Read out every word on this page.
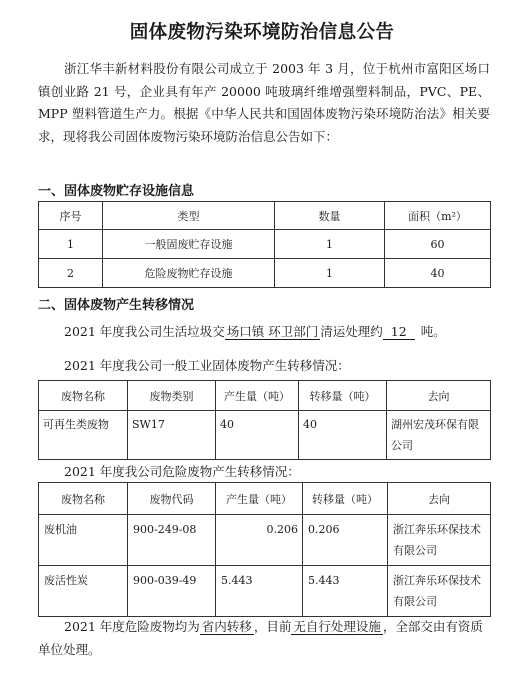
固体废物污染环境防治信息公告

浙江华丰新材料股份有限公司成立于 2003 年 3 月，位于杭州市富阳区场口镇创业路 21 号，企业具有年产 20000 吨玻璃纤维增强塑料制品，PVC、PE、MPP 塑料管道生产力。根据《中华人民共和国固体废物污染环境防治法》相关要求，现将我公司固体废物污染环境防治信息公告如下：

一、固体废物贮存设施信息
序号	类型	数量	面积（m²）
1	一般固废贮存设施	1	60
2	危险废物贮存设施	1	40
二、固体废物产生转移情况
2021 年度我公司生活垃圾交 场口镇 环卫部门 清运处理约 12 吨。
2021 年度我公司一般工业固体废物产生转移情况：
废物名称	废物类别	产生量（吨）	转移量（吨）	去向
可再生类废物	SW17	40	40	湖州宏茂环保有限公司
2021 年度我公司危险废物产生转移情况：
废物名称	废物代码	产生量（吨）	转移量（吨）	去向
废机油	900-249-08	0.206	0.206	浙江奔乐环保技术有限公司
废活性炭	900-039-49	5.443	5.443	浙江奔乐环保技术有限公司

2021 年度危险废物均为 省内转移 ，目前 无自行处理设施 ，全部交由有资质单位处理。
